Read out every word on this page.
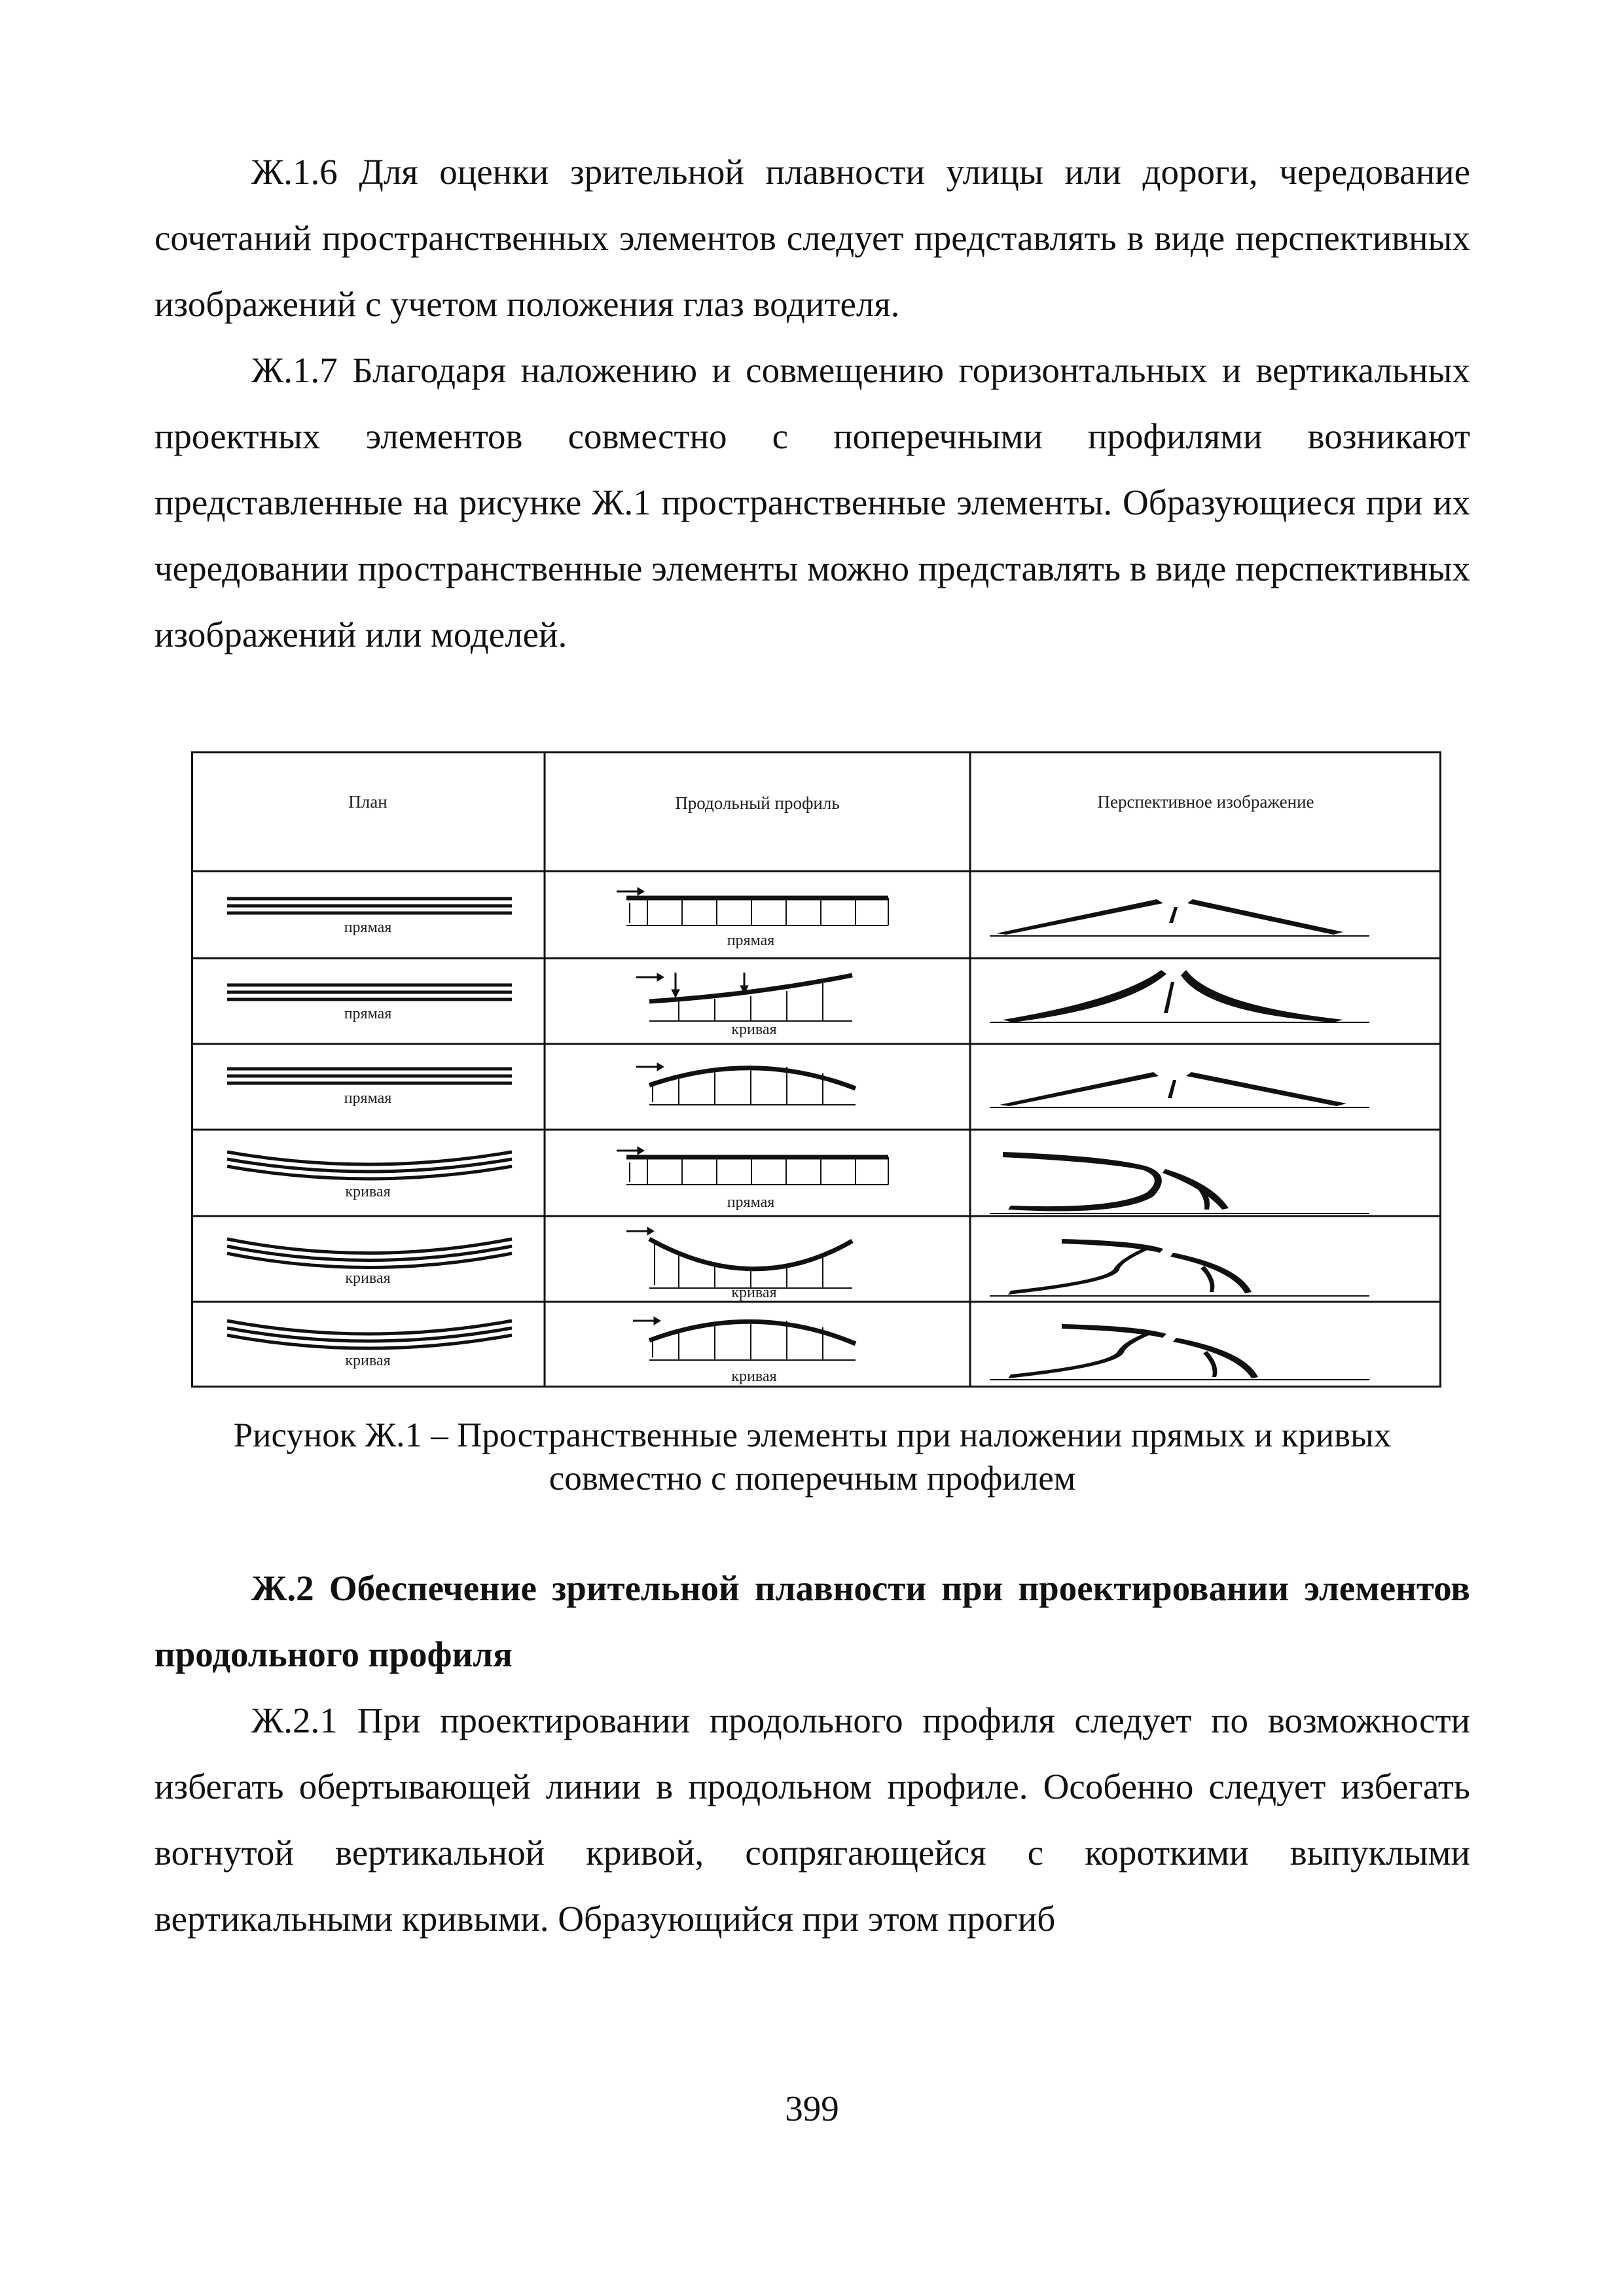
Ж.1.6 Для оценки зрительной плавности улицы или дороги, чередование сочетаний пространственных элементов следует представлять в виде перспективных изображений с учетом положения глаз водителя.

Ж.1.7 Благодаря наложению и совмещению горизонтальных и вертикальных проектных элементов совместно с поперечными профилями возникают представленные на рисунке Ж.1 пространственные элементы. Образующиеся при их чередовании пространственные элементы можно представлять в виде перспективных изображений или моделей.

План	Продольный профиль	Перспективное изображение
прямая
прямая
прямая
кривая
прямая
кривая
прямая
кривая
кривая
кривая
кривая

Рисунок Ж.1 – Пространственные элементы при наложении прямых и кривых
совместно с поперечным профилем

Ж.2 Обеспечение зрительной плавности при проектировании элементов продольного профиля

Ж.2.1 При проектировании продольного профиля следует по возможности избегать обертывающей линии в продольном профиле. Особенно следует избегать вогнутой вертикальной кривой, сопрягающейся с короткими выпуклыми вертикальными кривыми. Образующийся при этом прогиб

399
